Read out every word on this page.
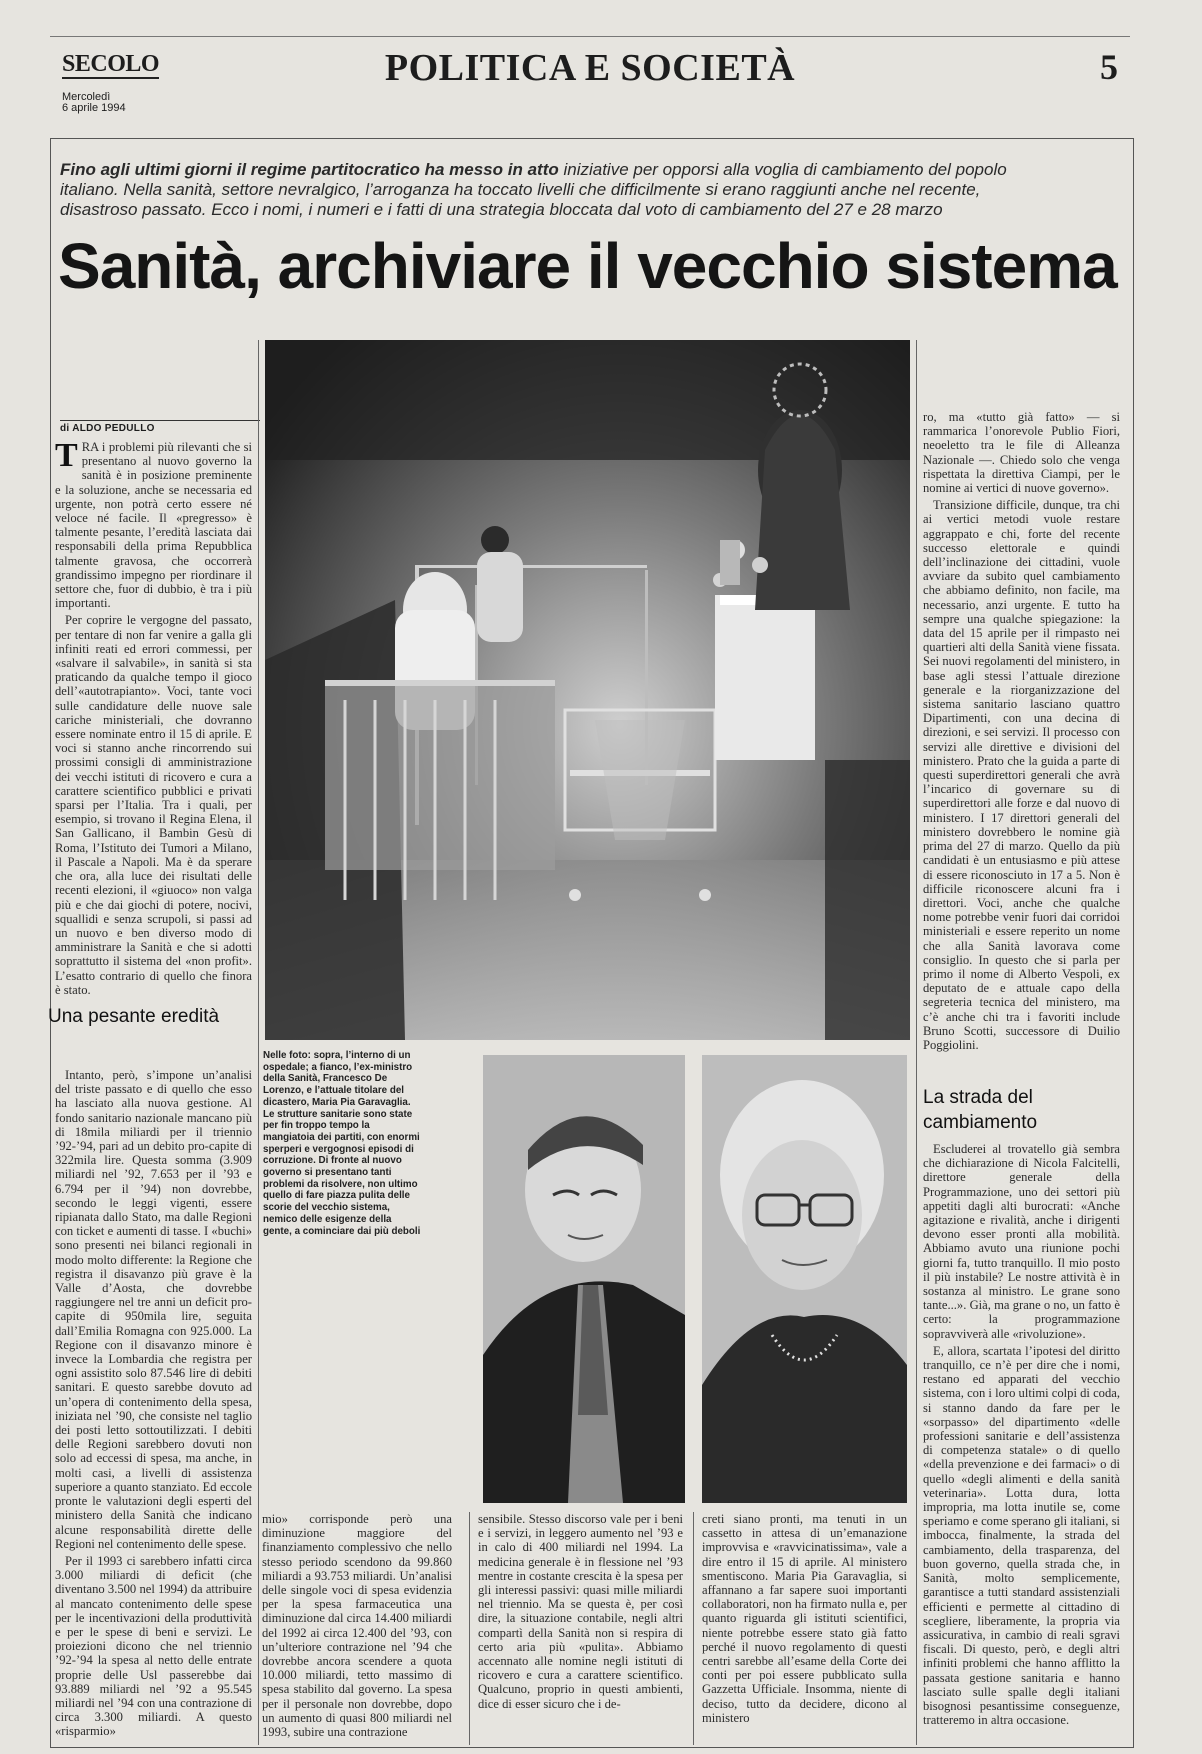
SECOLO
Mercoledì
6 aprile 1994
POLITICA E SOCIETÀ	5
Fino agli ultimi giorni il regime partitocratico ha messo in atto iniziative per opporsi alla voglia di cambiamento del popolo italiano. Nella sanità, settore nevralgico, l’arroganza ha toccato livelli che difficilmente si erano raggiunti anche nel recente, disastroso passato. Ecco i nomi, i numeri e i fatti di una strategia bloccata dal voto di cambiamento del 27 e 28 marzo
Sanità, archiviare il vecchio sistema
di ALDO PEDULLO

TRA i problemi più rilevanti che si presentano al nuovo governo la sanità è in posizione preminente e la soluzione, anche se necessaria ed urgente, non potrà certo essere né veloce né facile. Il «pregresso» è talmente pesante, l’eredità lasciata dai responsabili della prima Repubblica talmente gravosa, che occorrerà grandissimo impegno per riordinare il settore che, fuor di dubbio, è tra i più importanti.

Per coprire le vergogne del passato, per tentare di non far venire a galla gli infiniti reati ed errori commessi, per «salvare il salvabile», in sanità si sta praticando da qualche tempo il gioco dell’«autotrapianto». Voci, tante voci sulle candidature delle nuove sale cariche ministeriali, che dovranno essere nominate entro il 15 di aprile. E voci si stanno anche rincorrendo sui prossimi consigli di amministrazione dei vecchi istituti di ricovero e cura a carattere scientifico pubblici e privati sparsi per l’Italia. Tra i quali, per esempio, si trovano il Regina Elena, il San Gallicano, il Bambin Gesù di Roma, l’Istituto dei Tumori a Milano, il Pascale a Napoli. Ma è da sperare che ora, alla luce dei risultati delle recenti elezioni, il «giuoco» non valga più e che dai giochi di potere, nocivi, squallidi e senza scrupoli, si passi ad un nuovo e ben diverso modo di amministrare la Sanità e che si adotti soprattutto il sistema del «non profit». L’esatto contrario di quello che finora è stato.

Una pesante eredità

Intanto, però, s’impone un’analisi del triste passato e di quello che esso ha lasciato alla nuova gestione. Al fondo sanitario nazionale mancano più di 18mila miliardi per il triennio ’92-’94, pari ad un debito pro-capite di 322mila lire. Questa somma (3.909 miliardi nel ’92, 7.653 per il ’93 e 6.794 per il ’94) non dovrebbe, secondo le leggi vigenti, essere ripianata dallo Stato, ma dalle Regioni con ticket e aumenti di tasse. I «buchi» sono presenti nei bilanci regionali in modo molto differente: la Regione che registra il disavanzo più grave è la Valle d’Aosta, che dovrebbe raggiungere nel tre anni un deficit pro-capite di 950mila lire, seguita dall’Emilia Romagna con 925.000. La Regione con il disavanzo minore è invece la Lombardia che registra per ogni assistito solo 87.546 lire di debiti sanitari. E questo sarebbe dovuto ad un’opera di contenimento della spesa, iniziata nel ’90, che consiste nel taglio dei posti letto sottoutilizzati. I debiti delle Regioni sarebbero dovuti non solo ad eccessi di spesa, ma anche, in molti casi, a livelli di assistenza superiore a quanto stanziato. Ed eccole pronte le valutazioni degli esperti del ministero della Sanità che indicano alcune responsabilità dirette delle Regioni nel contenimento delle spese.

Per il 1993 ci sarebbero infatti circa 3.000 miliardi di deficit (che diventano 3.500 nel 1994) da attribuire al mancato contenimento delle spese per le incentivazioni della produttività e per le spese di beni e servizi. Le proiezioni dicono che nel triennio ’92-’94 la spesa al netto delle entrate proprie delle Usl passerebbe dai 93.889 miliardi nel ’92 a 95.545 miliardi nel ’94 con una contrazione di circa 3.300 miliardi. A questo «risparmio»

Nelle foto: sopra, l’interno di un ospedale; a fianco, l’ex-ministro della Sanità, Francesco De Lorenzo, e l’attuale titolare del dicastero, Maria Pia Garavaglia. Le strutture sanitarie sono state per fin troppo tempo la mangiatoia dei partiti, con enormi sperperi e vergognosi episodi di corruzione. Di fronte al nuovo governo si presentano tanti problemi da risolvere, non ultimo quello di fare piazza pulita delle scorie del vecchio sistema, nemico delle esigenze della gente, a cominciare dai più deboli

mio» corrisponde però una diminuzione maggiore del finanziamento complessivo che nello stesso periodo scendono da 99.860 miliardi a 93.753 miliardi. Un’analisi delle singole voci di spesa evidenzia per la spesa farmaceutica una diminuzione dal circa 14.400 miliardi del 1992 ai circa 12.400 del ’93, con un’ulteriore contrazione nel ’94 che dovrebbe ancora scendere a quota 10.000 miliardi, tetto massimo di spesa stabilito dal governo. La spesa per il personale non dovrebbe, dopo un aumento di quasi 800 miliardi nel 1993, subire una contrazione

sensibile. Stesso discorso vale per i beni e i servizi, in leggero aumento nel ’93 e in calo di 400 miliardi nel 1994. La medicina generale è in flessione nel ’93 mentre in costante crescita è la spesa per gli interessi passivi: quasi mille miliardi nel triennio. Ma se questa è, per così dire, la situazione contabile, negli altri compartì della Sanità non si respira di certo aria più «pulita». Abbiamo accennato alle nomine negli istituti di ricovero e cura a carattere scientifico. Qualcuno, proprio in questi ambienti, dice di esser sicuro che i de-

creti siano pronti, ma tenuti in un cassetto in attesa di un’emanazione improvvisa e «ravvicinatissima», vale a dire entro il 15 di aprile. Al ministero smentiscono. Maria Pia Garavaglia, si affannano a far sapere suoi importanti collaboratori, non ha firmato nulla e, per quanto riguarda gli istituti scientifici, niente potrebbe essere stato già fatto perché il nuovo regolamento di questi centri sarebbe all’esame della Corte dei conti per poi essere pubblicato sulla Gazzetta Ufficiale. Insomma, niente di deciso, tutto da decidere, dicono al ministero

ro, ma «tutto già fatto» — si rammarica l’onorevole Publio Fiori, neoeletto tra le file di Alleanza Nazionale —. Chiedo solo che venga rispettata la direttiva Ciampi, per le nomine ai vertici di nuove governo».

Transizione difficile, dunque, tra chi ai vertici metodi vuole restare aggrappato e chi, forte del recente successo elettorale e quindi dell’inclinazione dei cittadini, vuole avviare da subito quel cambiamento che abbiamo definito, non facile, ma necessario, anzi urgente. E tutto ha sempre una qualche spiegazione: la data del 15 aprile per il rimpasto nei quartieri alti della Sanità viene fissata. Sei nuovi regolamenti del ministero, in base agli stessi l’attuale direzione generale e la riorganizzazione del sistema sanitario lasciano quattro Dipartimenti, con una decina di direzioni, e sei servizi. Il processo con servizi alle direttive e divisioni del ministero. Prato che la guida a parte di questi superdirettori generali che avrà l’incarico di governare su di superdirettori alle forze e dal nuovo di ministero. I 17 direttori generali del ministero dovrebbero le nomine già prima del 27 di marzo. Quello da più candidati è un entusiasmo e più attese di essere riconosciuto in 17 a 5. Non è difficile riconoscere alcuni fra i direttori. Voci, anche che qualche nome potrebbe venir fuori dai corridoi ministeriali e essere reperito un nome che alla Sanità lavorava come consiglio. In questo che si parla per primo il nome di Alberto Vespoli, ex deputato de e attuale capo della segreteria tecnica del ministero, ma c’è anche chi tra i favoriti include Bruno Scotti, successore di Duilio Poggiolini.

La strada del cambiamento

Escluderei al trovatello già sembra che dichiarazione di Nicola Falcitelli, direttore generale della Programmazione, uno dei settori più appetiti dagli alti burocrati: «Anche agitazione e rivalità, anche i dirigenti devono esser pronti alla mobilità. Abbiamo avuto una riunione pochi giorni fa, tutto tranquillo. Il mio posto il più instabile? Le nostre attività è in sostanza al ministro. Le grane sono tante...». Già, ma grane o no, un fatto è certo: la programmazione sopravviverà alle «rivoluzione».

E, allora, scartata l’ipotesi del diritto tranquillo, ce n’è per dire che i nomi, restano ed apparati del vecchio sistema, con i loro ultimi colpi di coda, si stanno dando da fare per le «sorpasso» del dipartimento «delle professioni sanitarie e dell’assistenza di competenza statale» o di quello «della prevenzione e dei farmaci» o di quello «degli alimenti e della sanità veterinaria». Lotta dura, lotta impropria, ma lotta inutile se, come speriamo e come sperano gli italiani, si imbocca, finalmente, la strada del cambiamento, della trasparenza, del buon governo, quella strada che, in Sanità, molto semplicemente, garantisce a tutti standard assistenziali efficienti e permette al cittadino di scegliere, liberamente, la propria via assicurativa, in cambio di reali sgravi fiscali. Di questo, però, e degli altri infiniti problemi che hanno afflitto la passata gestione sanitaria e hanno lasciato sulle spalle degli italiani bisognosi pesantissime conseguenze, tratteremo in altra occasione.
